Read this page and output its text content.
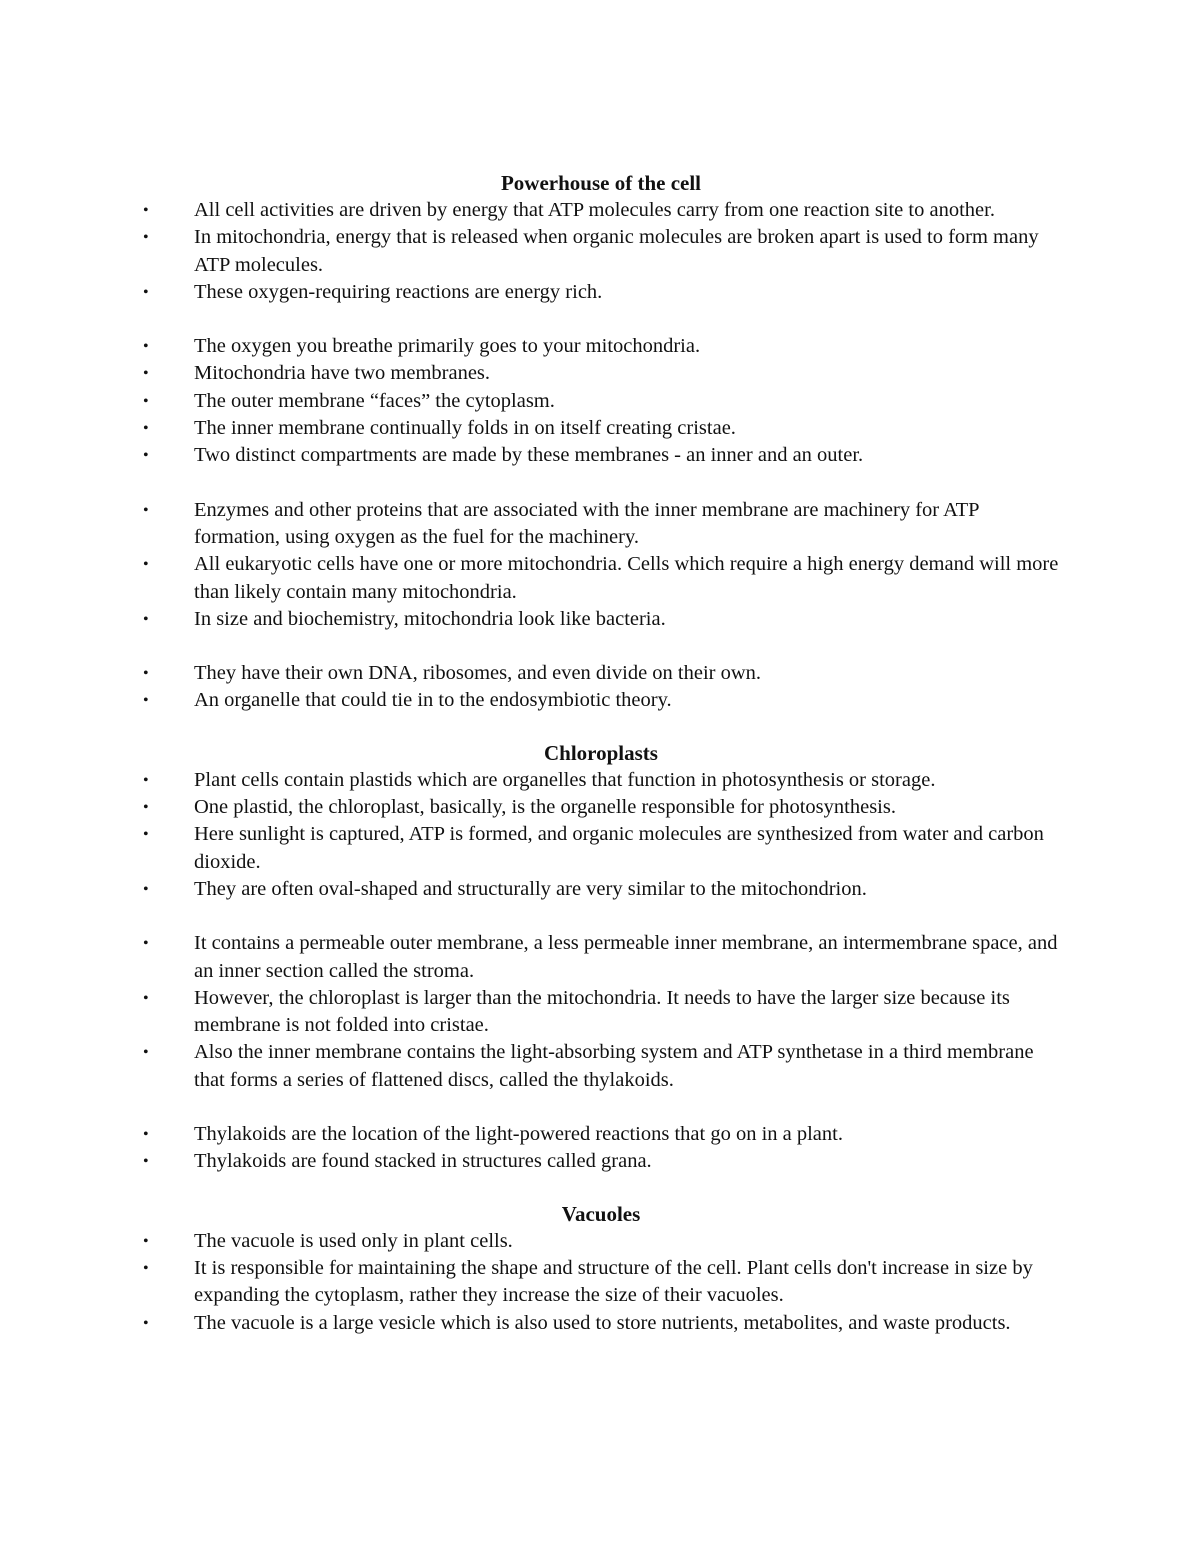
Powerhouse of the cell
• All cell activities are driven by energy that ATP molecules carry from one reaction site to another.
• In mitochondria, energy that is released when organic molecules are broken apart is used to form many ATP molecules.
• These oxygen-requiring reactions are energy rich.
• The oxygen you breathe primarily goes to your mitochondria.
• Mitochondria have two membranes.
• The outer membrane “faces” the cytoplasm.
• The inner membrane continually folds in on itself creating cristae.
• Two distinct compartments are made by these membranes - an inner and an outer.
• Enzymes and other proteins that are associated with the inner membrane are machinery for ATP formation, using oxygen as the fuel for the machinery.
• All eukaryotic cells have one or more mitochondria. Cells which require a high energy demand will more than likely contain many mitochondria.
• In size and biochemistry, mitochondria look like bacteria.
• They have their own DNA, ribosomes, and even divide on their own.
• An organelle that could tie in to the endosymbiotic theory.
Chloroplasts
• Plant cells contain plastids which are organelles that function in photosynthesis or storage.
• One plastid, the chloroplast, basically, is the organelle responsible for photosynthesis.
• Here sunlight is captured, ATP is formed, and organic molecules are synthesized from water and carbon dioxide.
• They are often oval-shaped and structurally are very similar to the mitochondrion.
• It contains a permeable outer membrane, a less permeable inner membrane, an intermembrane space, and an inner section called the stroma.
• However, the chloroplast is larger than the mitochondria. It needs to have the larger size because its membrane is not folded into cristae.
• Also the inner membrane contains the light-absorbing system and ATP synthetase in a third membrane that forms a series of flattened discs, called the thylakoids.
• Thylakoids are the location of the light-powered reactions that go on in a plant.
• Thylakoids are found stacked in structures called grana.
Vacuoles
• The vacuole is used only in plant cells.
• It is responsible for maintaining the shape and structure of the cell. Plant cells don't increase in size by expanding the cytoplasm, rather they increase the size of their vacuoles.
• The vacuole is a large vesicle which is also used to store nutrients, metabolites, and waste products.
